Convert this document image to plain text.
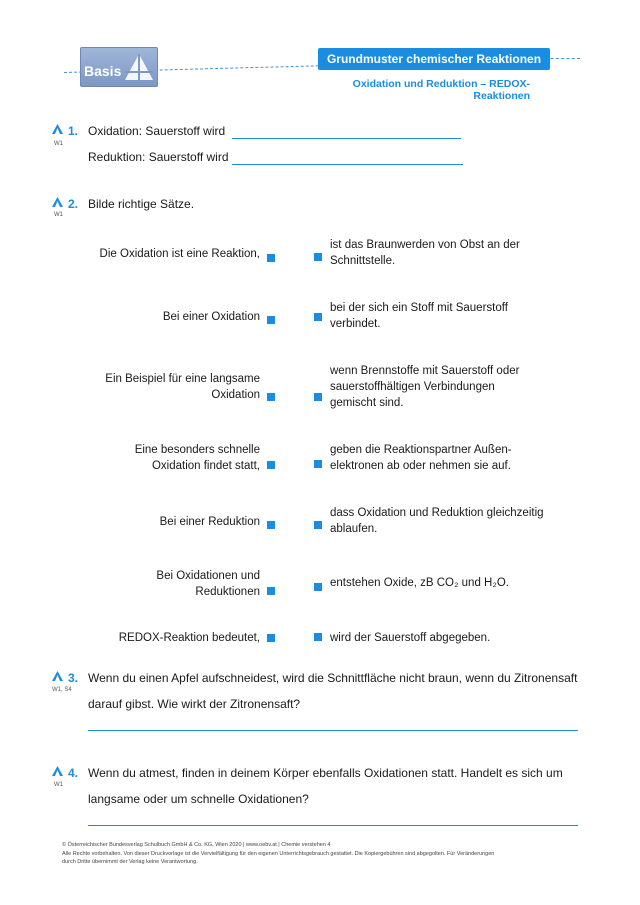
Basis
Grundmuster chemischer Reaktionen
Oxidation und Reduktion – REDOX-Reaktionen
W1
1. Oxidation: Sauerstoff wird
Reduktion: Sauerstoff wird
W1
2. Bilde richtige Sätze.
Die Oxidation ist eine Reaktion,
ist das Braunwerden von Obst an der
Schnittstelle.
Bei einer Oxidation
bei der sich ein Stoff mit Sauerstoff
verbindet.
Ein Beispiel für eine langsame
Oxidation
wenn Brennstoffe mit Sauerstoff oder
sauerstoffhältigen Verbindungen
gemischt sind.
Eine besonders schnelle
Oxidation findet statt,
geben die Reaktionspartner Außen-
elektronen ab oder nehmen sie auf.
Bei einer Reduktion
dass Oxidation und Reduktion gleichzeitig
ablaufen.
Bei Oxidationen und
Reduktionen
entstehen Oxide, zB CO₂ und H₂O.
REDOX-Reaktion bedeutet,	wird der Sauerstoff abgegeben.
W1, S4
3. Wenn du einen Apfel aufschneidest, wird die Schnittfläche nicht braun, wenn du Zitronensaft
darauf gibst. Wie wirkt der Zitronensaft?
W1
4. Wenn du atmest, finden in deinem Körper ebenfalls Oxidationen statt. Handelt es sich um
langsame oder um schnelle Oxidationen?
© Österreichischer Bundesverlag Schulbuch GmbH & Co. KG, Wien 2020 | www.oebv.at | Chemie verstehen 4
Alle Rechte vorbehalten. Von dieser Druckvorlage ist die Vervielfältigung für den eigenen Unterrichtsgebrauch gestattet. Die Kopiergebühren sind abgegolten. Für Veränderungen
durch Dritte übernimmt der Verlag keine Verantwortung.
